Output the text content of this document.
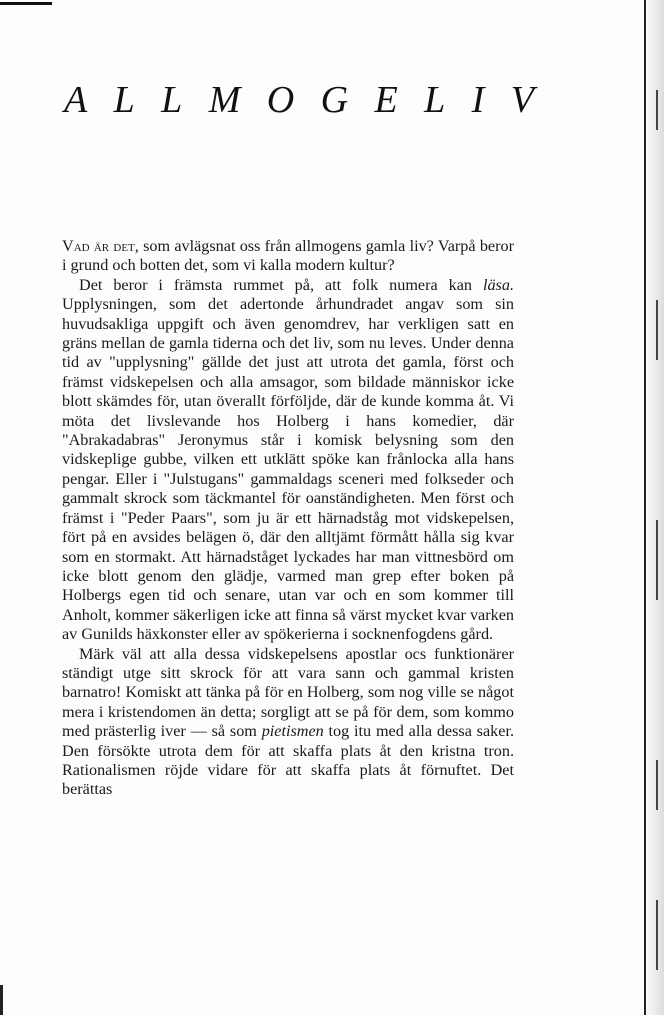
A L L M O G E L I V

Vad är det, som avlägsnat oss från allmogens gamla liv? Varpå beror i grund och botten det, som vi kalla modern kultur?

Det beror i främsta rummet på, att folk numera kan läsa. Upplysningen, som det adertonde århundradet angav som sin huvudsakliga uppgift och även genomdrev, har verkligen satt en gräns mellan de gamla tiderna och det liv, som nu leves. Under denna tid av "upplysning" gällde det just att utrota det gamla, först och främst vidskepelsen och alla amsagor, som bildade människor icke blott skämdes för, utan överallt förföljde, där de kunde komma åt. Vi möta det livslevande hos Holberg i hans komedier, där "Abrakadabras" Jeronymus står i komisk belysning som den vidskeplige gubbe, vilken ett utklätt spöke kan frånlocka alla hans pengar. Eller i "Julstugans" gammaldags sceneri med folkseder och gammalt skrock som täckmantel för oanständigheten. Men först och främst i "Peder Paars", som ju är ett härnadståg mot vidskepelsen, fört på en avsides belägen ö, där den alltjämt förmått hålla sig kvar som en stormakt. Att härnadståget lyckades har man vittnesbörd om icke blott genom den glädje, varmed man grep efter boken på Holbergs egen tid och senare, utan var och en som kommer till Anholt, kommer säkerligen icke att finna så värst mycket kvar varken av Gunilds häxkonster eller av spökerierna i socknenfogdens gård.

Märk väl att alla dessa vidskepelsens apostlar ocs funktionärer ständigt utge sitt skrock för att vara sann och gammal kristen barnatro! Komiskt att tänka på för en Holberg, som nog ville se något mera i kristendomen än detta; sorgligt att se på för dem, som kommo med prästerlig iver — så som pietismen tog itu med alla dessa saker. Den försökte utrota dem för att skaffa plats åt den kristna tron. Rationalismen röjde vidare för att skaffa plats åt förnuftet. Det berättas
